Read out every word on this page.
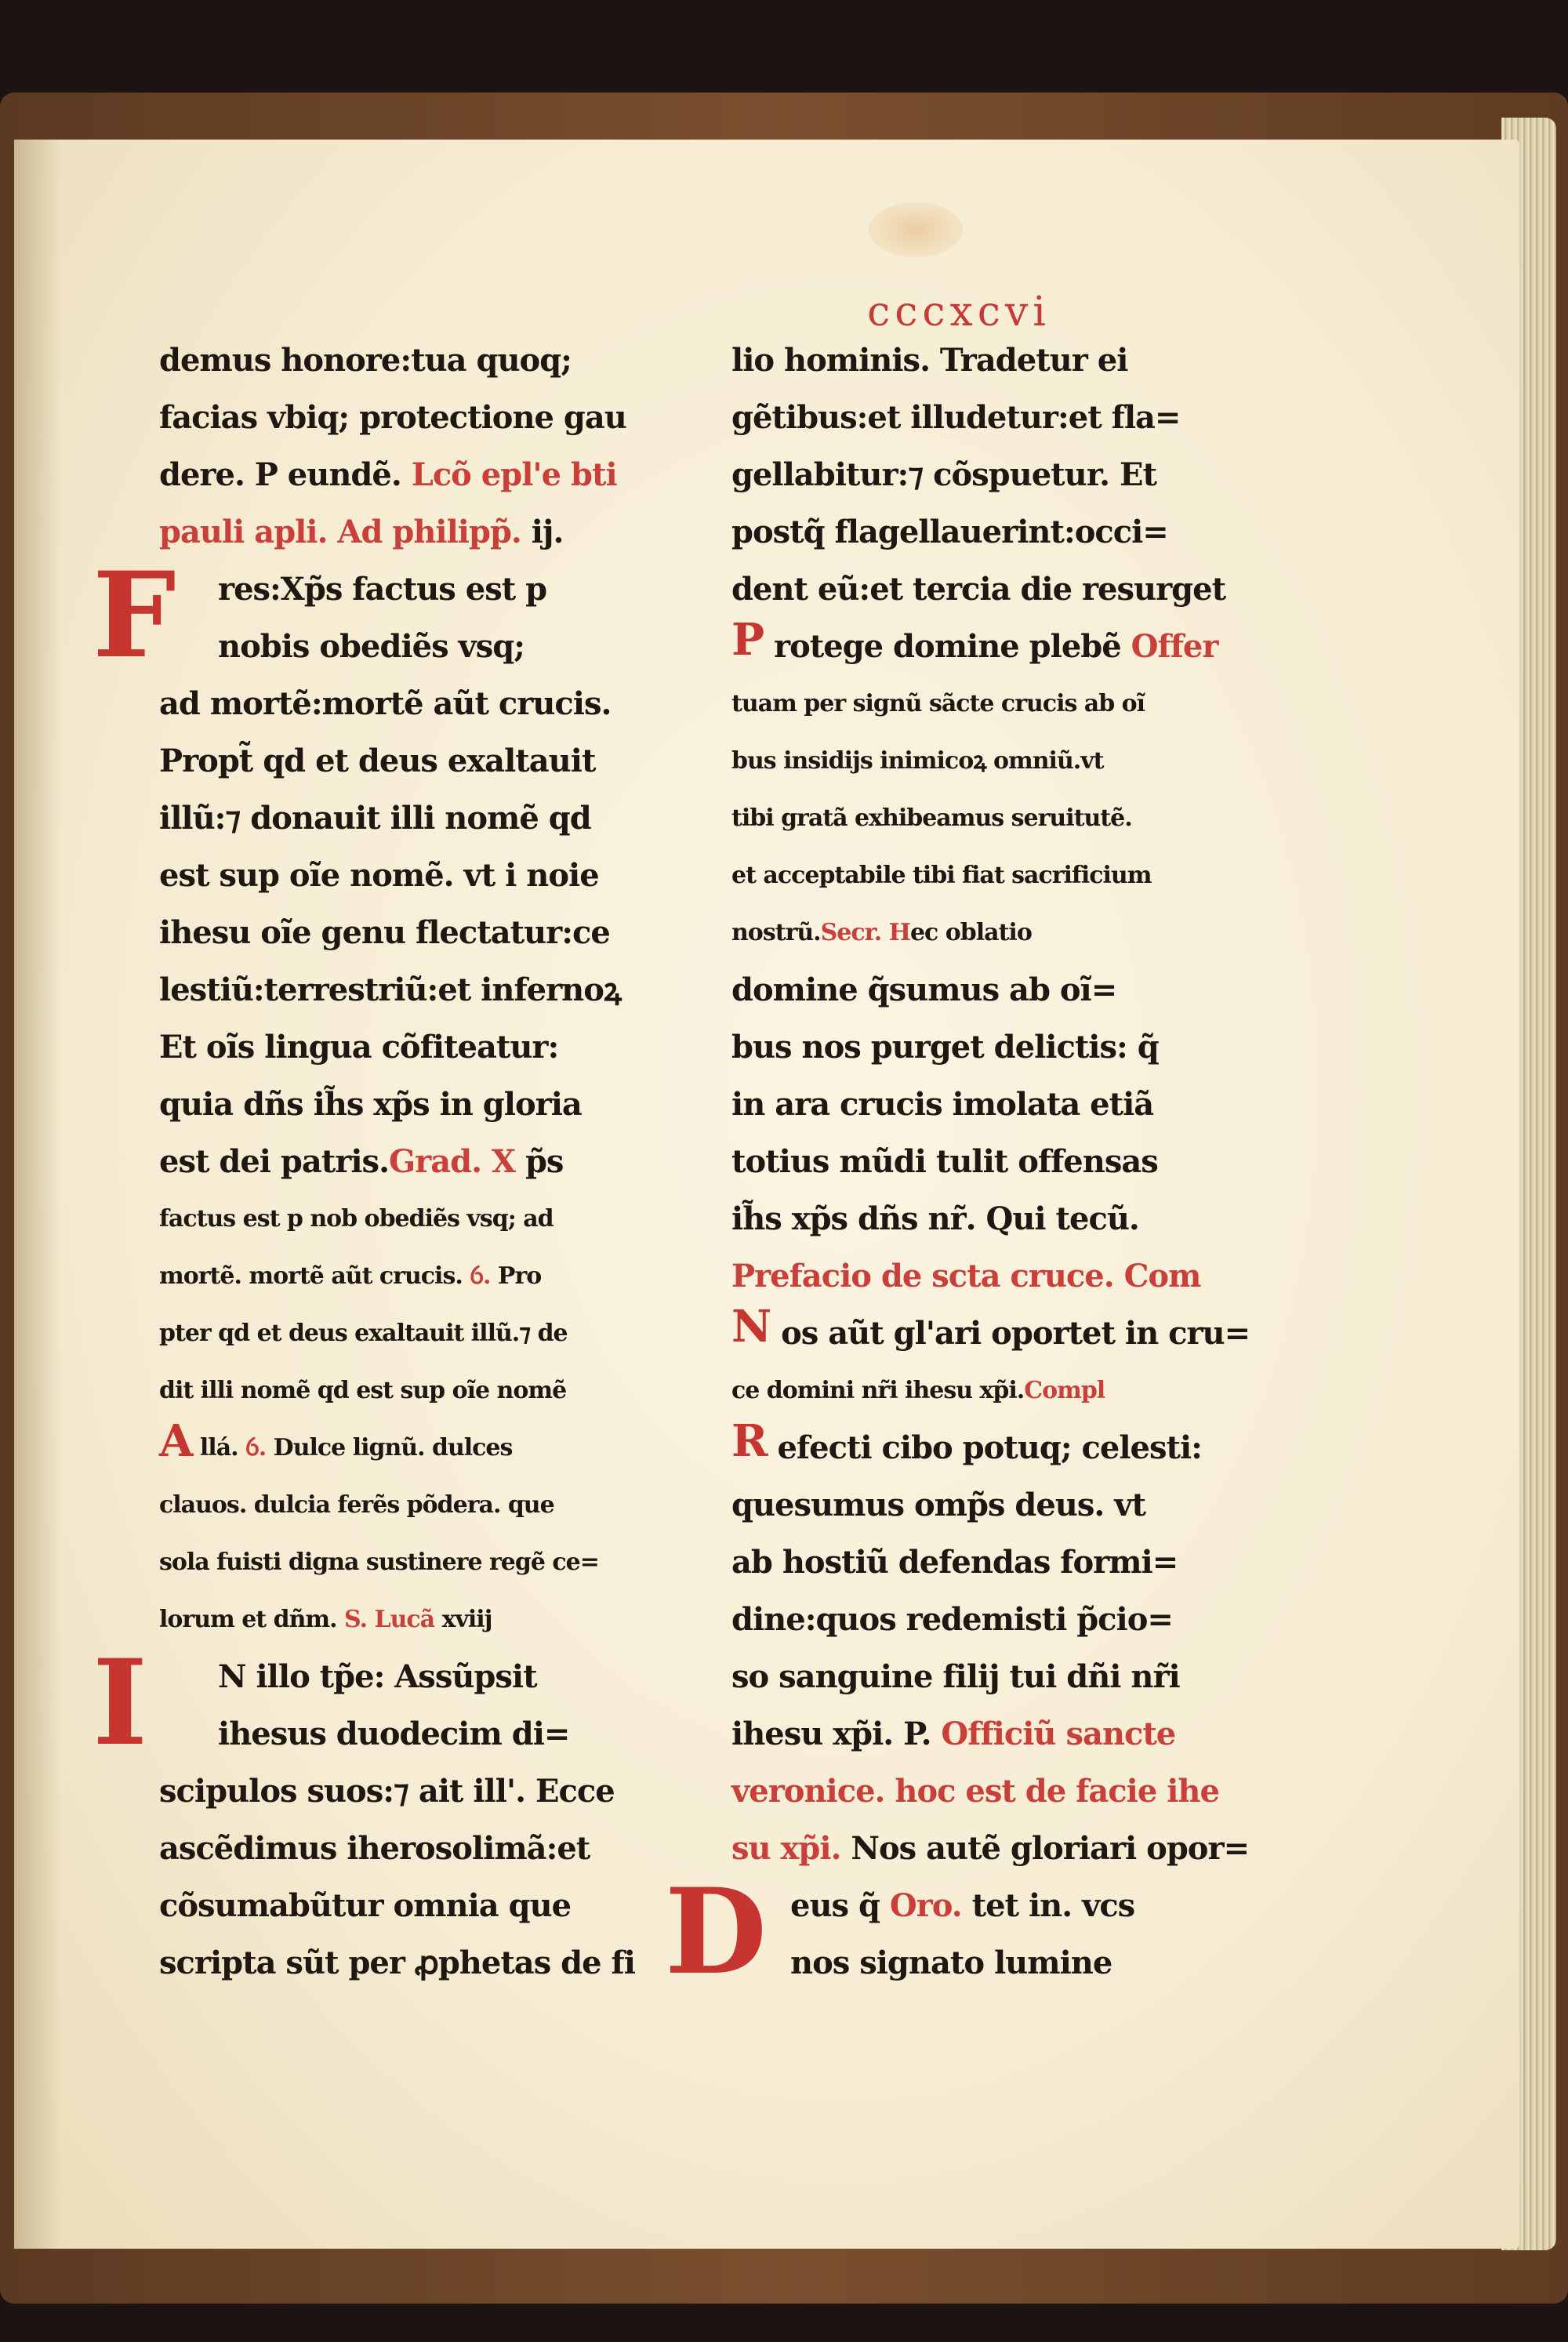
cccxcvi
demus honore:tua quoq;
facias vbiq; protectione gau
dere. P eundẽ. Lcõ epl'e bti
pauli apli. Ad philipp̃. ij.
res:Xp̃s factus est p
nobis obediẽs vsq;
ad mortẽ:mortẽ aũt crucis.
Propt̃ qd et deus exaltauit
illũ:⁊ donauit illi nomẽ qd
est sup oĩe nomẽ. vt i noie
ihesu oĩe genu flectatur:ce
lestiũ:terrestriũ:et infernoꝝ
Et oĩs lingua cõfiteatur:
quia dñs ih̃s xp̃s in gloria
est dei patris.Grad. X p̃s
factus est p nob obediẽs vsq; ad
mortẽ. mortẽ aũt crucis. ỽ. Pro
pter qd et deus exaltauit illũ.⁊ de
dit illi nomẽ qd est sup oĩe nomẽ
A llá. ỽ. Dulce lignũ. dulces
clauos. dulcia ferẽs põdera. que
sola fuisti digna sustinere regẽ ce=
lorum et dñm. S. Lucã xviij
N illo tp̃e: Assũpsit
ihesus duodecim di=
scipulos suos:⁊ ait ill'. Ecce
ascẽdimus iherosolimã:et
cõsumabũtur omnia que
scripta sũt per ꝓphetas de fi
F
I
lio hominis. Tradetur ei
gẽtibus:et illudetur:et fla=
gellabitur:⁊ cõspuetur. Et
postq̃ flagellauerint:occi=
dent eũ:et tercia die resurget
P rotege domine plebẽ Offer
tuam per signũ sãcte crucis ab oĩ
bus insidijs inimicoꝝ omniũ.vt
tibi gratã exhibeamus seruitutẽ.
et acceptabile tibi fiat sacrificium
nostrũ.Secr. Hec oblatio
domine q̃sumus ab oĩ=
bus nos purget delictis: q̃
in ara crucis imolata etiã
totius mũdi tulit offensas
ih̃s xp̃s dñs nr̃. Qui tecũ.
Prefacio de scta cruce. Com
N os aũt gl'ari oportet in cru=
ce domini nr̃i ihesu xp̃i.Compl
R efecti cibo potuq; celesti:
quesumus omp̃s deus. vt
ab hostiũ defendas formi=
dine:quos redemisti p̃cio=
so sanguine filij tui dñi nr̃i
ihesu xp̃i. P. Officiũ sancte
veronice. hoc est de facie ihe
su xp̃i. Nos autẽ gloriari opor=
eus q̃ Oro. tet in. vcs
nos signato lumine
D
